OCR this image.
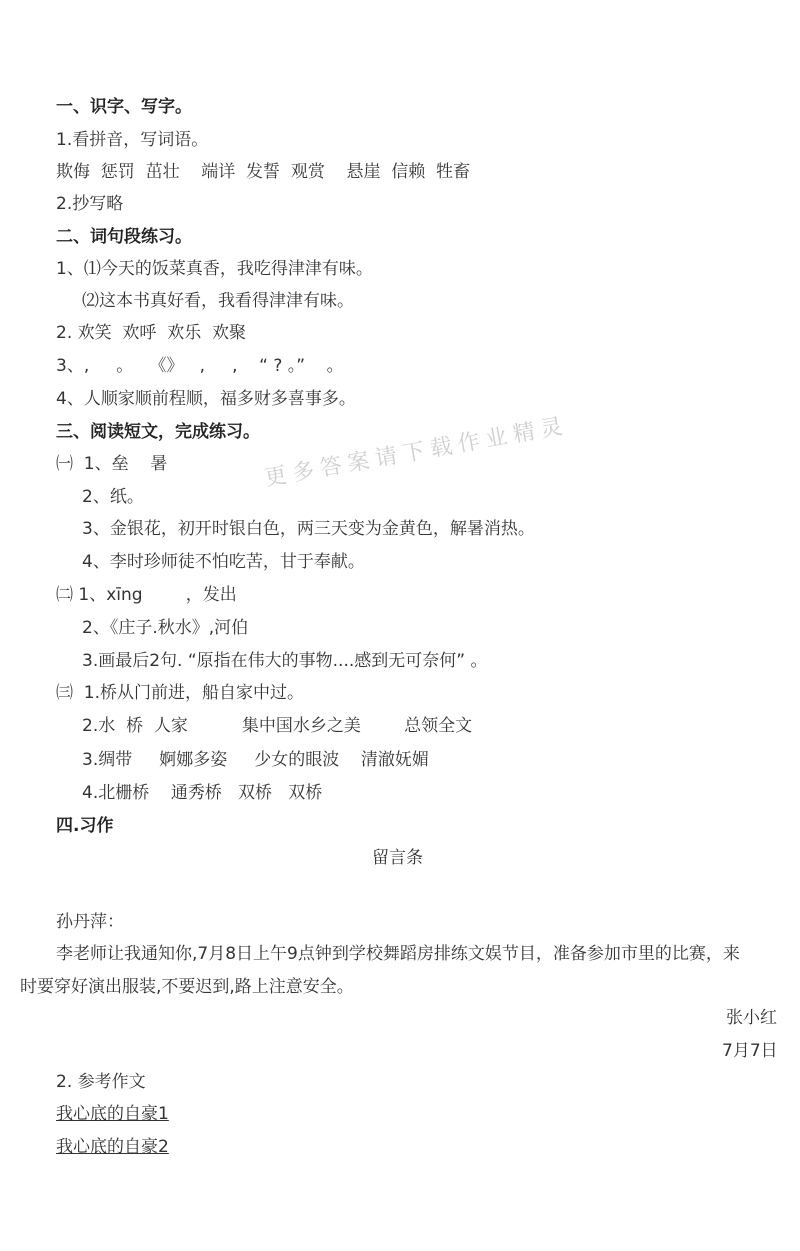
更多答案请下载作业精灵
一、识字、写字。
1.看拼音，写词语。
欺侮  惩罚  茁壮    端详  发誓  观赏    悬崖  信赖  牲畜
2.抄写略
二、词句段练习。
1、⑴今天的饭菜真香，我吃得津津有味。
⑵这本书真好看，我看得津津有味。
2. 欢笑  欢呼  欢乐  欢聚
3、,     。   《》   ,     ,    “ ? 。”    。
4、人顺家顺前程顺，福多财多喜事多。
三、阅读短文，完成练习。
㈠  1、垒    暑
2、纸。
3、金银花，初开时银白色，两三天变为金黄色，解暑消热。
4、李时珍师徒不怕吃苦，甘于奉献。
㈡ 1、xīng        ，发出
2、《庄子.秋水》,河伯
3.画最后2句. “原指在伟大的事物....感到无可奈何” 。
㈢  1.桥从门前进，船自家中过。
2.水  桥  人家          集中国水乡之美        总领全文
3.绸带     婀娜多姿     少女的眼波    清澈妩媚
4.北栅桥    通秀桥   双桥   双桥
四.习作
留言条
孙丹萍：
李老师让我通知你,7月8日上午9点钟到学校舞蹈房排练文娱节目，准备参加市里的比赛，来
时要穿好演出服装,不要迟到,路上注意安全。
张小红
7月7日
2. 参考作文
我心底的自豪1
我心底的自豪2
